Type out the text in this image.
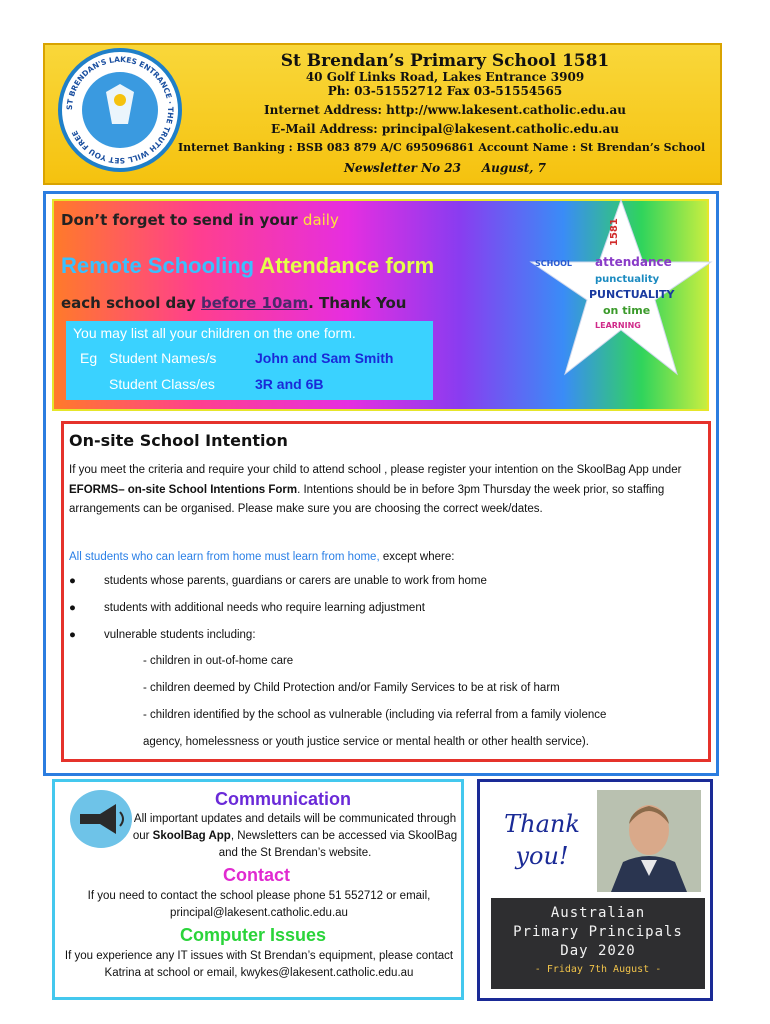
ST BRENDAN'S LAKES ENTRANCE · THE TRUTH WILL SET YOU FREE
St Brendan’s Primary School 1581
40 Golf Links Road, Lakes Entrance 3909
Ph: 03-51552712 Fax 03-51554565
Internet Address: http://www.lakesent.catholic.edu.au
E-Mail Address: principal@lakesent.catholic.edu.au
Internet Banking : BSB 083 879 A/C 695096861 Account Name : St Brendan’s School
Newsletter No 23 August, 7
Don’t forget to send in your daily
Remote Schooling Attendance form
each school day before 10am. Thank You
You may list all your children on the one form.
Eg Student Names/s	John and Sam Smith
Student Class/es	3R and 6B
attendance
SCHOOL
punctuality
PUNCTUALITY
LEARNING
on time
1581
On-site School Intention
If you meet the criteria and require your child to attend school , please register your intention on the SkoolBag App under EFORMS– on-site School Intentions Form. Intentions should be in before 3pm Thursday the week prior, so staffing arrangements can be organised. Please make sure you are choosing the correct week/dates.
All students who can learn from home must learn from home, except where:
● students whose parents, guardians or carers are unable to work from home
● students with additional needs who require learning adjustment
● vulnerable students including:
- children in out-of-home care
- children deemed by Child Protection and/or Family Services to be at risk of harm
- children identified by the school as vulnerable (including via referral from a family violence
agency, homelessness or youth justice service or mental health or other health service).
Communication
All important updates and details will be communicated through our SkoolBag App, Newsletters can be accessed via SkoolBag and the St Brendan’s website.
Contact
If you need to contact the school please phone 51 552712 or email, principal@lakesent.catholic.edu.au
Computer Issues
If you experience any IT issues with St Brendan’s equipment, please contact Katrina at school or email, kwykes@lakesent.catholic.edu.au
Thank
you!
Australian
Primary Principals
Day 2020
- Friday 7th August -
